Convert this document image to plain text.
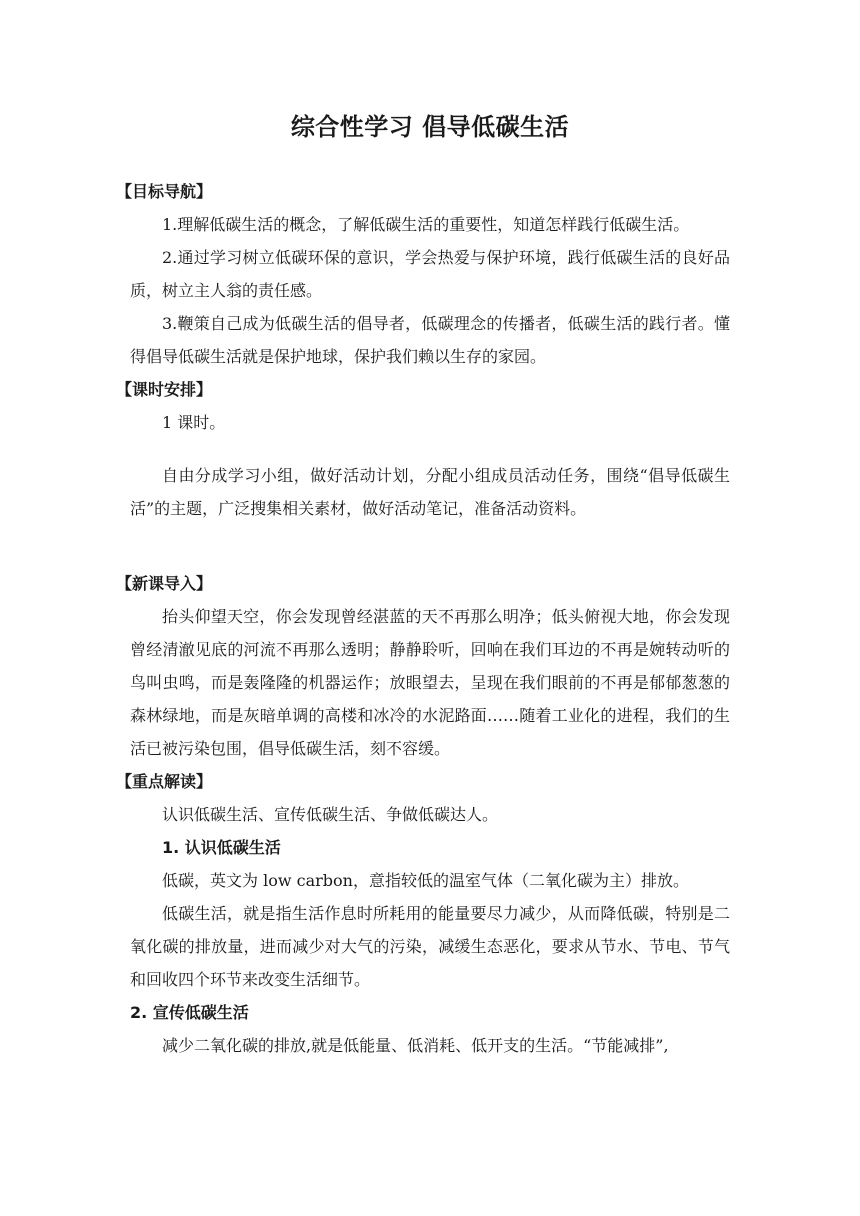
综合性学习 倡导低碳生活

【目标导航】

1.理解低碳生活的概念，了解低碳生活的重要性，知道怎样践行低碳生活。

2.通过学习树立低碳环保的意识，学会热爱与保护环境，践行低碳生活的良好品质，树立主人翁的责任感。

3.鞭策自己成为低碳生活的倡导者，低碳理念的传播者，低碳生活的践行者。懂得倡导低碳生活就是保护地球，保护我们赖以生存的家园。

【课时安排】

1 课时。

自由分成学习小组，做好活动计划，分配小组成员活动任务，围绕“倡导低碳生活”的主题，广泛搜集相关素材，做好活动笔记，准备活动资料。

【新课导入】

抬头仰望天空，你会发现曾经湛蓝的天不再那么明净；低头俯视大地，你会发现曾经清澈见底的河流不再那么透明；静静聆听，回响在我们耳边的不再是婉转动听的鸟叫虫鸣，而是轰隆隆的机器运作；放眼望去，呈现在我们眼前的不再是郁郁葱葱的森林绿地，而是灰暗单调的高楼和冰冷的水泥路面……随着工业化的进程，我们的生活已被污染包围，倡导低碳生活，刻不容缓。

【重点解读】

认识低碳生活、宣传低碳生活、争做低碳达人。

1. 认识低碳生活

低碳，英文为 low carbon，意指较低的温室气体（二氧化碳为主）排放。

低碳生活，就是指生活作息时所耗用的能量要尽力减少，从而降低碳，特别是二氧化碳的排放量，进而减少对大气的污染，减缓生态恶化，要求从节水、节电、节气和回收四个环节来改变生活细节。

2. 宣传低碳生活

减少二氧化碳的排放,就是低能量、低消耗、低开支的生活。“节能减排”,
